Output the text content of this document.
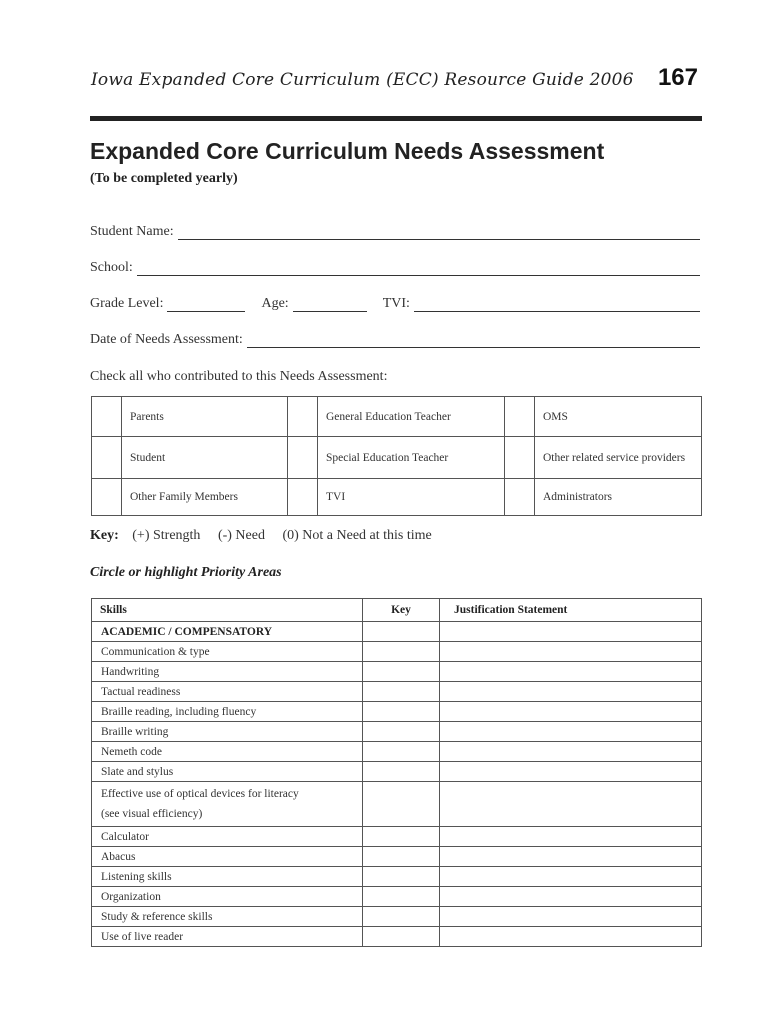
Iowa Expanded Core Curriculum (ECC) Resource Guide 2006 167
Expanded Core Curriculum Needs Assessment
(To be completed yearly)
Student Name:
School:
Grade Level:	Age:	TVI:
Date of Needs Assessment:
Check all who contributed to this Needs Assessment:
	Parents		General Education Teacher		OMS
	Student		Special Education Teacher		Other related service providers
	Other Family Members		TVI		Administrators
Key: (+) Strength (-) Need (0) Not a Need at this time
Circle or highlight Priority Areas
Skills	Key	Justification Statement
ACADEMIC / COMPENSATORY		
Communication & type		
Handwriting		
Tactual readiness		
Braille reading, including fluency		
Braille writing		
Nemeth code		
Slate and stylus		

Effective use of optical devices for literacy
(see visual efficiency)		

Calculator		
Abacus		
Listening skills		
Organization		
Study & reference skills		
Use of live reader		
